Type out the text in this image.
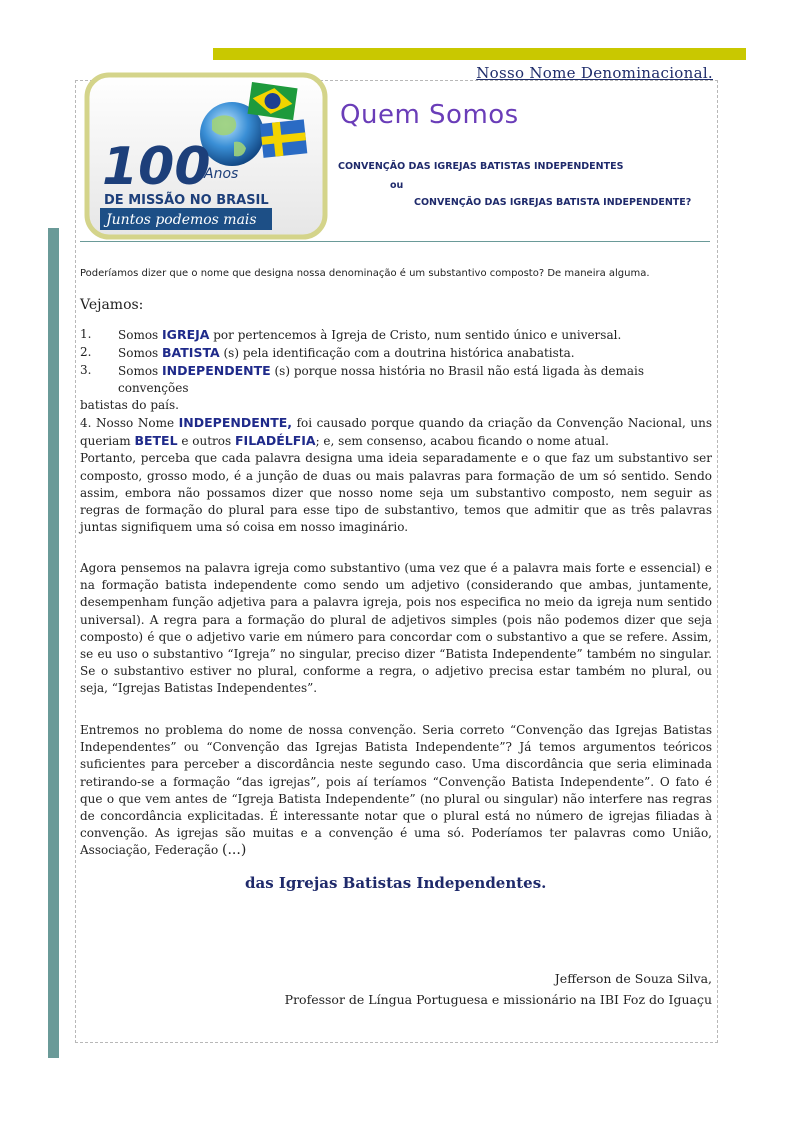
Nosso Nome Denominacional.
100
Anos
DE MISSÃO NO BRASIL
Juntos podemos mais
Quem Somos
CONVENÇÃO DAS IGREJAS BATISTAS INDEPENDENTES
ou
CONVENÇÃO DAS IGREJAS BATISTA INDEPENDENTE?
Poderíamos dizer que o nome que designa nossa denominação é um substantivo composto? De maneira alguma.
Vejamos:
1.	Somos IGREJA por pertencemos à Igreja de Cristo, num sentido único e universal.
2.	Somos BATISTA (s) pela identificação com a doutrina histórica anabatista.
3.	Somos INDEPENDENTE (s) porque nossa história no Brasil não está ligada às demais convenções
batistas do país.
4. Nosso Nome INDEPENDENTE, foi causado porque quando da criação da Convenção Nacional, uns queriam BETEL e outros FILADÉLFIA; e, sem consenso, acabou ficando o nome atual.
Portanto, perceba que cada palavra designa uma ideia separadamente e o que faz um substantivo ser composto, grosso modo, é a junção de duas ou mais palavras para formação de um só sentido. Sendo assim, embora não possamos dizer que nosso nome seja um substantivo composto, nem seguir as regras de formação do plural para esse tipo de substantivo, temos que admitir que as três palavras juntas signifiquem uma só coisa em nosso imaginário.
Agora pensemos na palavra igreja como substantivo (uma vez que é a palavra mais forte e essencial) e na formação batista independente como sendo um adjetivo (considerando que ambas, juntamente, desempenham função adjetiva para a palavra igreja, pois nos especifica no meio da igreja num sentido universal). A regra para a formação do plural de adjetivos simples (pois não podemos dizer que seja composto) é que o adjetivo varie em número para concordar com o substantivo a que se refere. Assim, se eu uso o substantivo “Igreja” no singular, preciso dizer “Batista Independente” também no singular. Se o substantivo estiver no plural, conforme a regra, o adjetivo precisa estar também no plural, ou seja, “Igrejas Batistas Independentes”.
Entremos no problema do nome de nossa convenção. Seria correto “Convenção das Igrejas Batistas Independentes” ou “Convenção das Igrejas Batista Independente”? Já temos argumentos teóricos suficientes para perceber a discordância neste segundo caso. Uma discordância que seria eliminada retirando-se a formação “das igrejas”, pois aí teríamos “Convenção Batista Independente”. O fato é que o que vem antes de “Igreja Batista Independente” (no plural ou singular) não interfere nas regras de concordância explicitadas. É interessante notar que o plural está no número de igrejas filiadas à convenção. As igrejas são muitas e a convenção é uma só. Poderíamos ter palavras como União, Associação, Federação (...)
das Igrejas Batistas Independentes.
Jefferson de Souza Silva,
Professor de Língua Portuguesa e missionário na IBI Foz do Iguaçu
